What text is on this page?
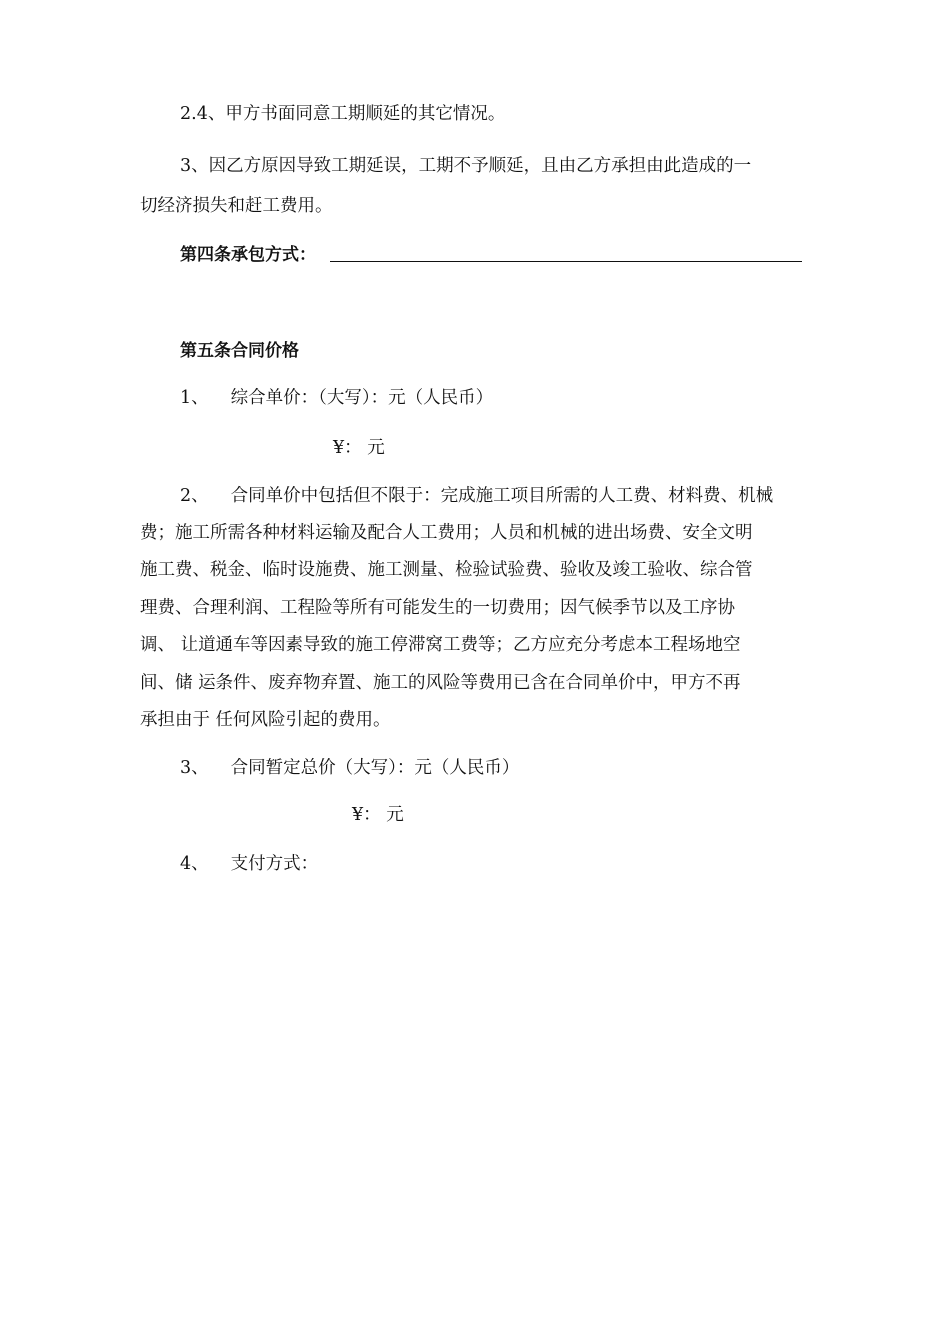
2.4、甲方书面同意工期顺延的其它情况。
3、因乙方原因导致工期延误，工期不予顺延，且由乙方承担由此造成的一
切经济损失和赶工费用。
第四条承包方式：
第五条合同价格
1、 综合单价：（大写）：元（人民币）
¥： 元
2、 合同单价中包括但不限于：完成施工项目所需的人工费、材料费、机械
费；施工所需各种材料运输及配合人工费用；人员和机械的进出场费、安全文明
施工费、税金、临时设施费、施工测量、检验试验费、验收及竣工验收、综合管
理费、合理利润、工程险等所有可能发生的一切费用；因气候季节以及工序协
调、 让道通车等因素导致的施工停滞窝工费等；乙方应充分考虑本工程场地空
间、储 运条件、废弃物弃置、施工的风险等费用已含在合同单价中，甲方不再
承担由于 任何风险引起的费用。
3、 合同暂定总价（大写）：元（人民币）
¥： 元
4、 支付方式：
